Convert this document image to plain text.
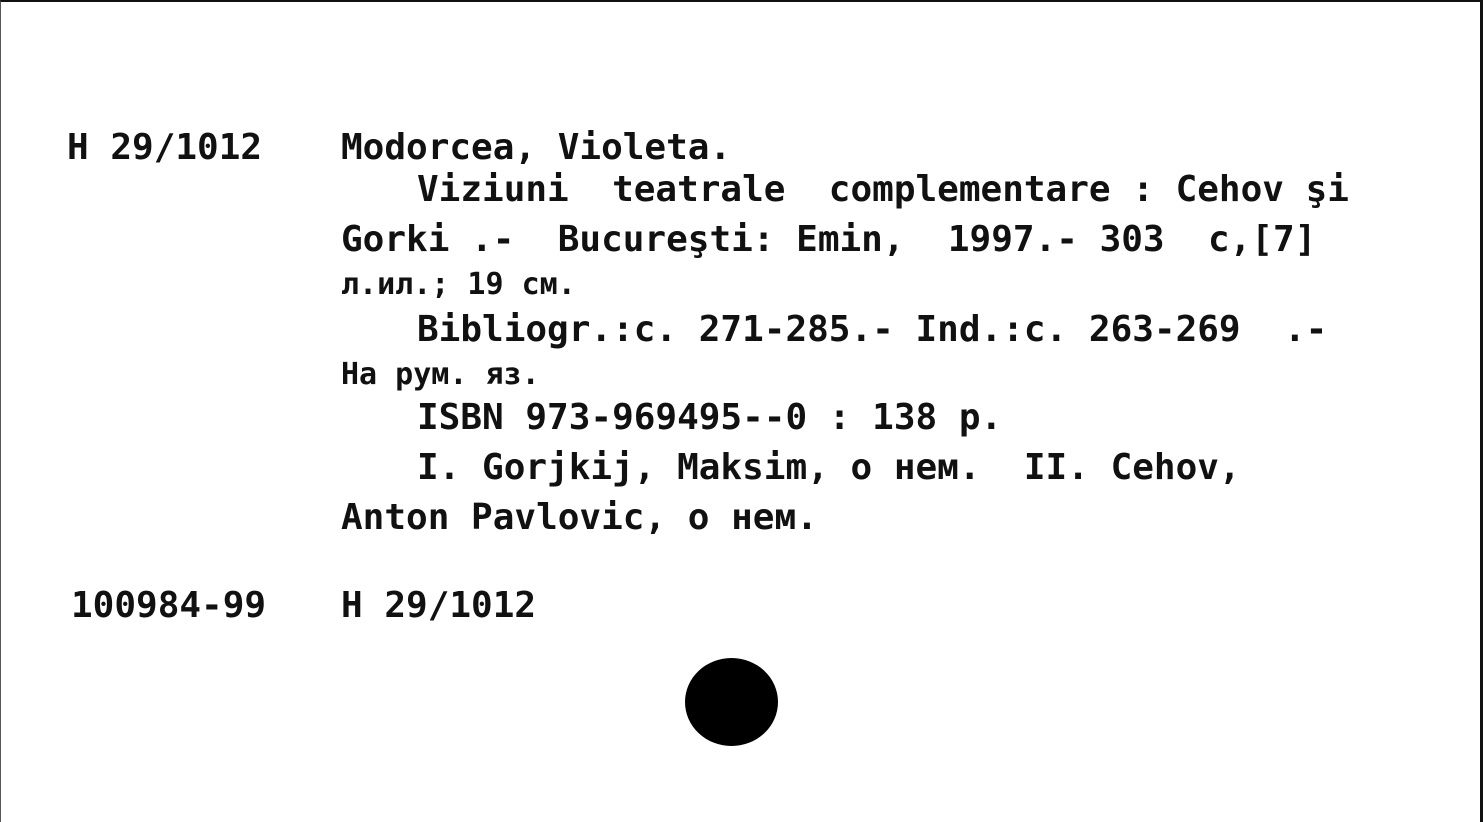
H 29/1012 Modorcea, Violeta.

Viziuni  teatrale  complementare : Cehov şi

Gorki .-  Bucureşti: Emin,  1997.- 303  c,[7]

л.ил.; 19 см.

Bibliogr.:c. 271-285.- Ind.:c. 263-269  .-

На рум. яз.

ISBN 973-969495--0 : 138 p.

I. Gorjkij, Maksim, o нем.  II. Cehov,

Anton Pavlovic, o нем.

100984-99 H 29/1012
